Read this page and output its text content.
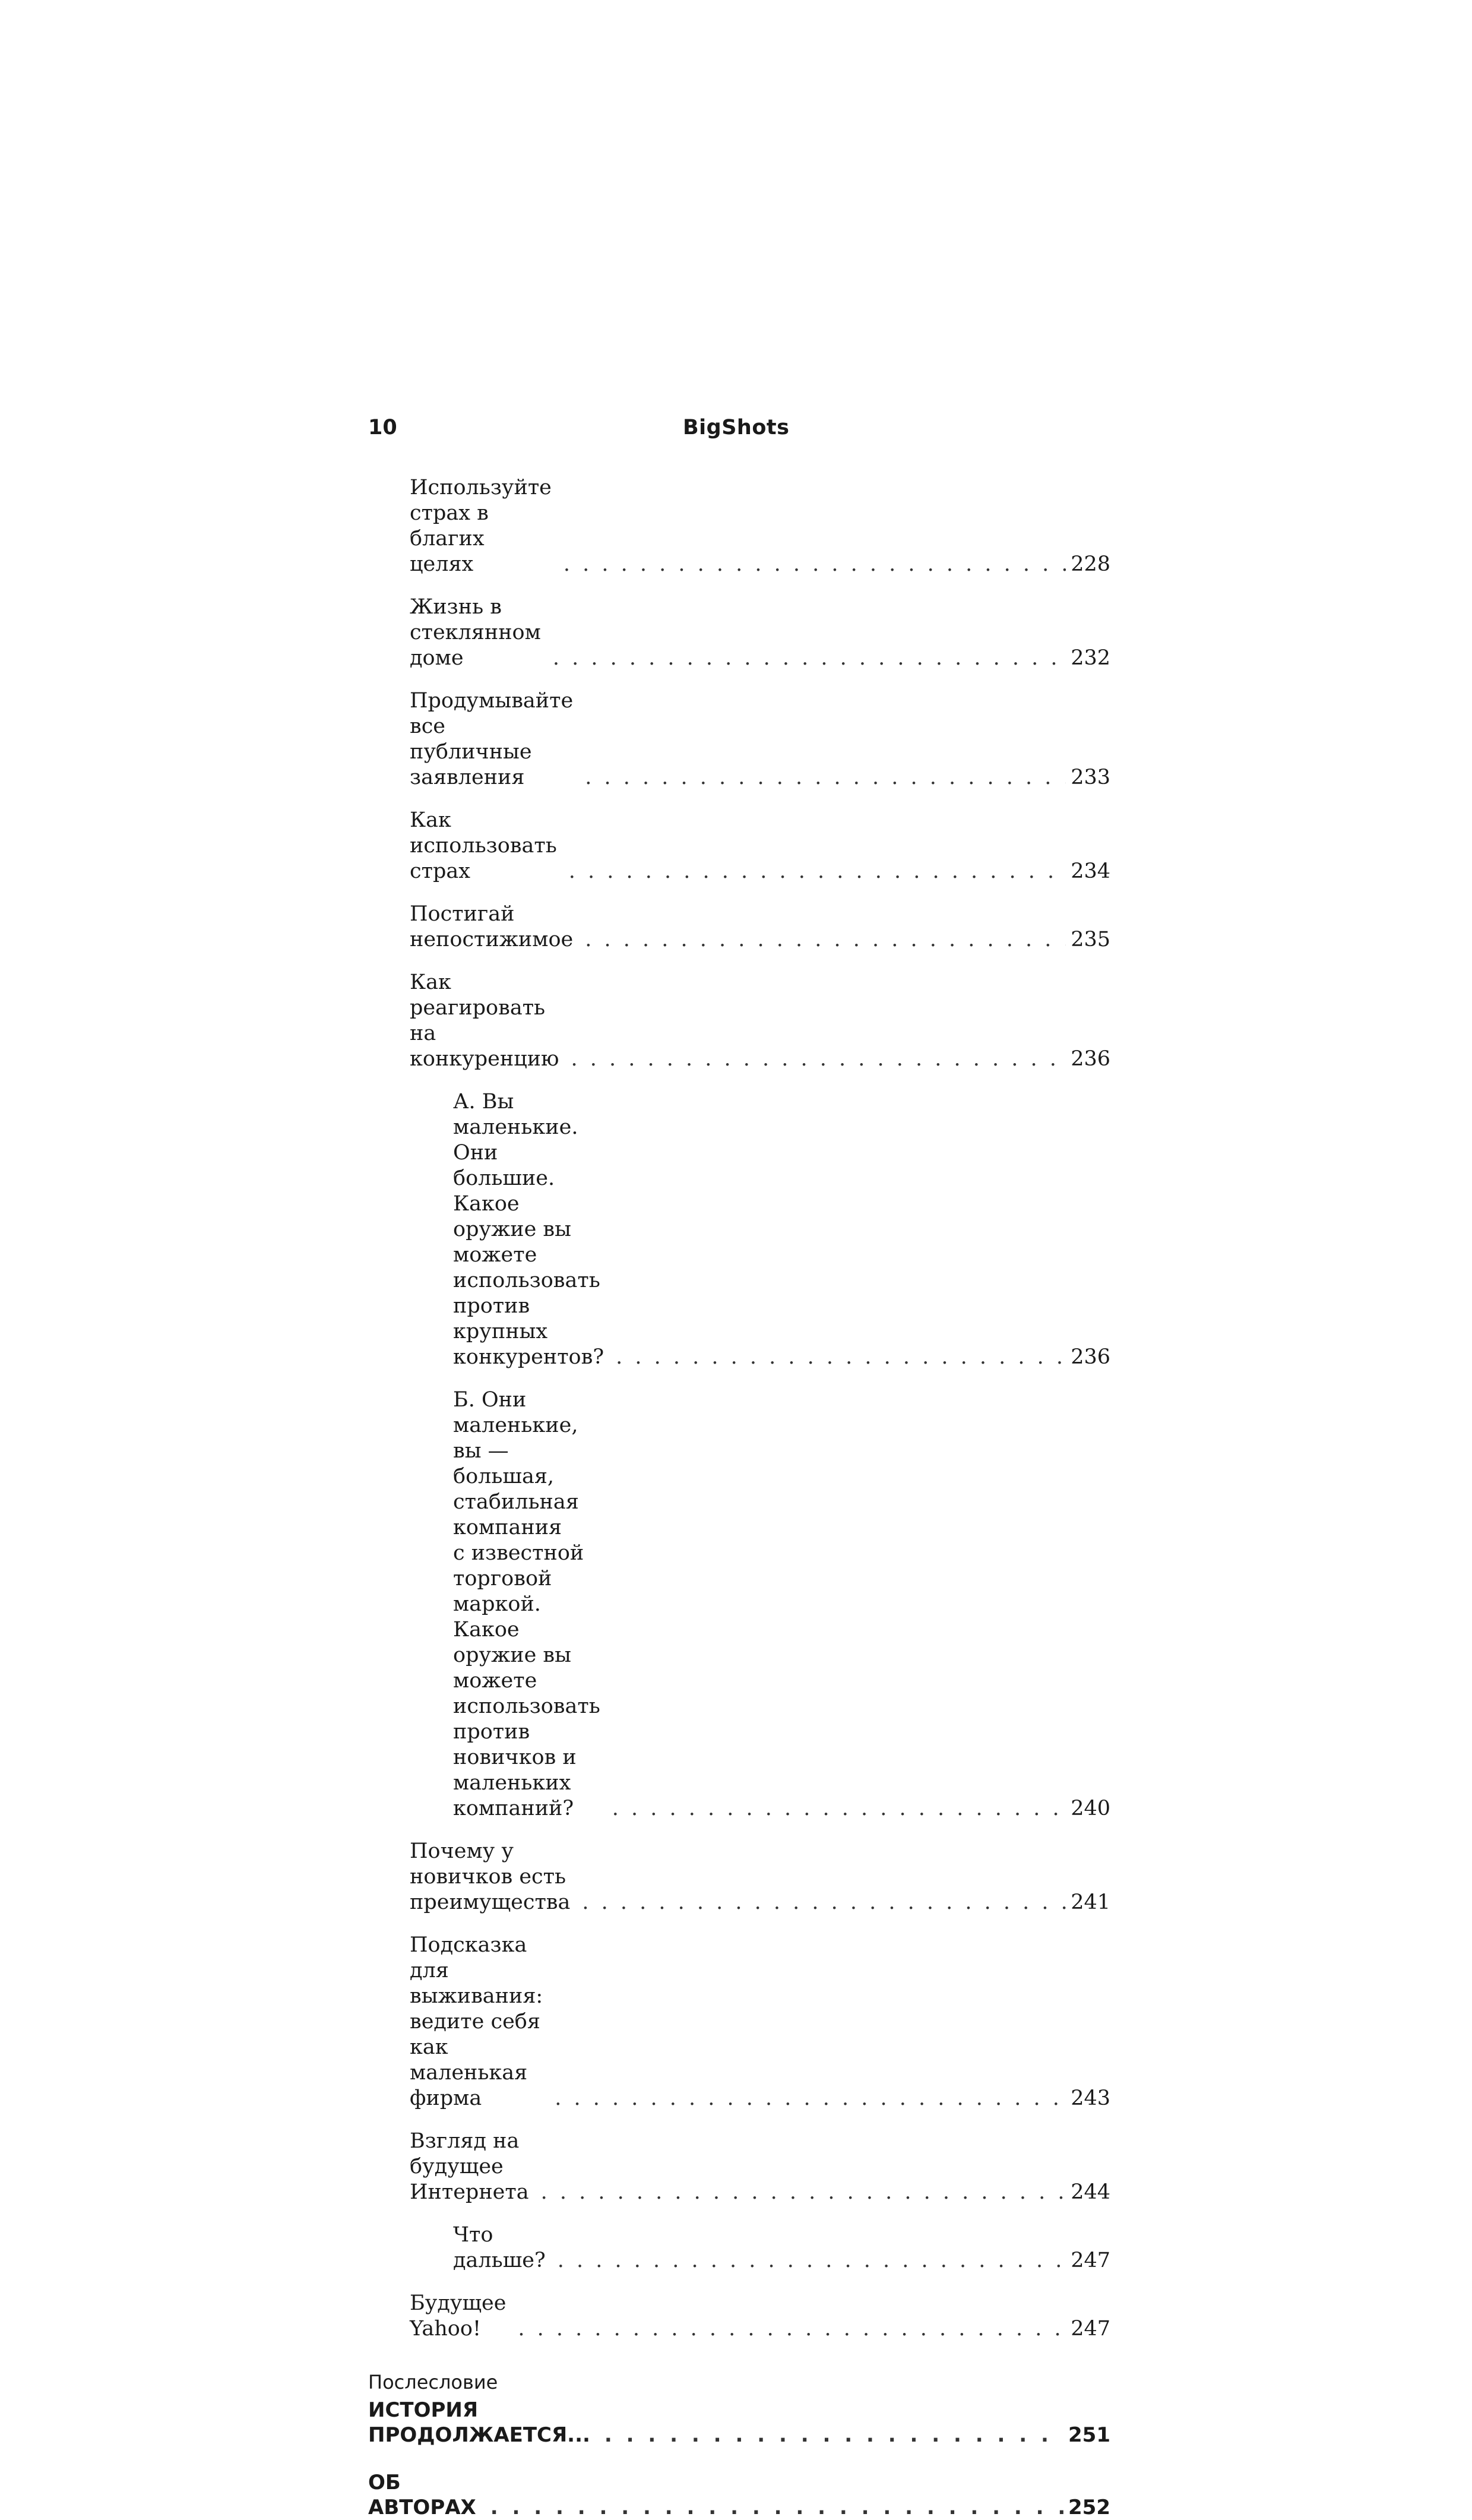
10	BigShots
Используйте страх в благих целях . . .	228
Жизнь в стеклянном доме . . .	232
Продумывайте все публичные заявления . . .	233
Как использовать страх . . .	234
Постигай непостижимое . . .	235
Как реагировать на конкуренцию . . .	236
А. Вы маленькие. Они большие.
Какое оружие вы можете использовать
против крупных конкурентов? . . .	236
Б. Они маленькие, вы — большая, стабильная компания
с известной торговой маркой.
Какое оружие вы можете использовать
против новичков и маленьких компаний? . . .	240
Почему у новичков есть преимущества . . .	241
Подсказка для выживания:
ведите себя как маленькая фирма . . .	243
Взгляд на будущее Интернета . . .	244
Что дальше? . . .	247
Будущее Yahoo! . . .	247
Послесловие
ИСТОРИЯ ПРОДОЛЖАЕТСЯ... . . .	251
ОБ АВТОРАХ . . .	252
